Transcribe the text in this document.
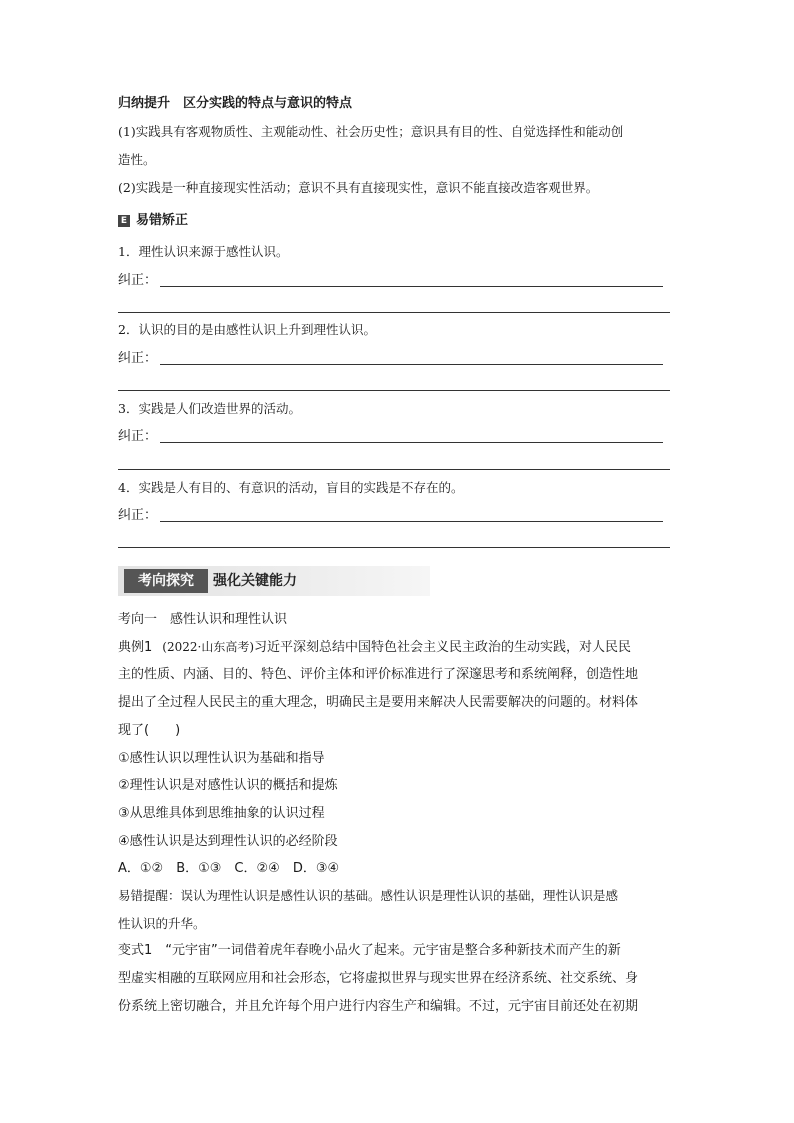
归纳提升　区分实践的特点与意识的特点
(1)实践具有客观物质性、主观能动性、社会历史性；意识具有目的性、自觉选择性和能动创
造性。
(2)实践是一种直接现实性活动；意识不具有直接现实性，意识不能直接改造客观世界。
E 易错矫正
1．理性认识来源于感性认识。
纠正：
2．认识的目的是由感性认识上升到理性认识。
纠正：
3．实践是人们改造世界的活动。
纠正：
4．实践是人有目的、有意识的活动，盲目的实践是不存在的。
纠正：
考向探究	强化关键能力
考向一　感性认识和理性认识
典例1 (2022·山东高考)习近平深刻总结中国特色社会主义民主政治的生动实践，对人民民
主的性质、内涵、目的、特色、评价主体和评价标准进行了深邃思考和系统阐释，创造性地
提出了全过程人民民主的重大理念，明确民主是要用来解决人民需要解决的问题的。材料体
现了(　　)
①感性认识以理性认识为基础和指导
②理性认识是对感性认识的概括和提炼
③从思维具体到思维抽象的认识过程
④感性认识是达到理性认识的必经阶段
A．①②　B．①③　C．②④　D．③④
易错提醒：误认为理性认识是感性认识的基础。感性认识是理性认识的基础，理性认识是感
性认识的升华。
变式1　“元宇宙”一词借着虎年春晚小品火了起来。元宇宙是整合多种新技术而产生的新
型虚实相融的互联网应用和社会形态，它将虚拟世界与现实世界在经济系统、社交系统、身
份系统上密切融合，并且允许每个用户进行内容生产和编辑。不过，元宇宙目前还处在初期
